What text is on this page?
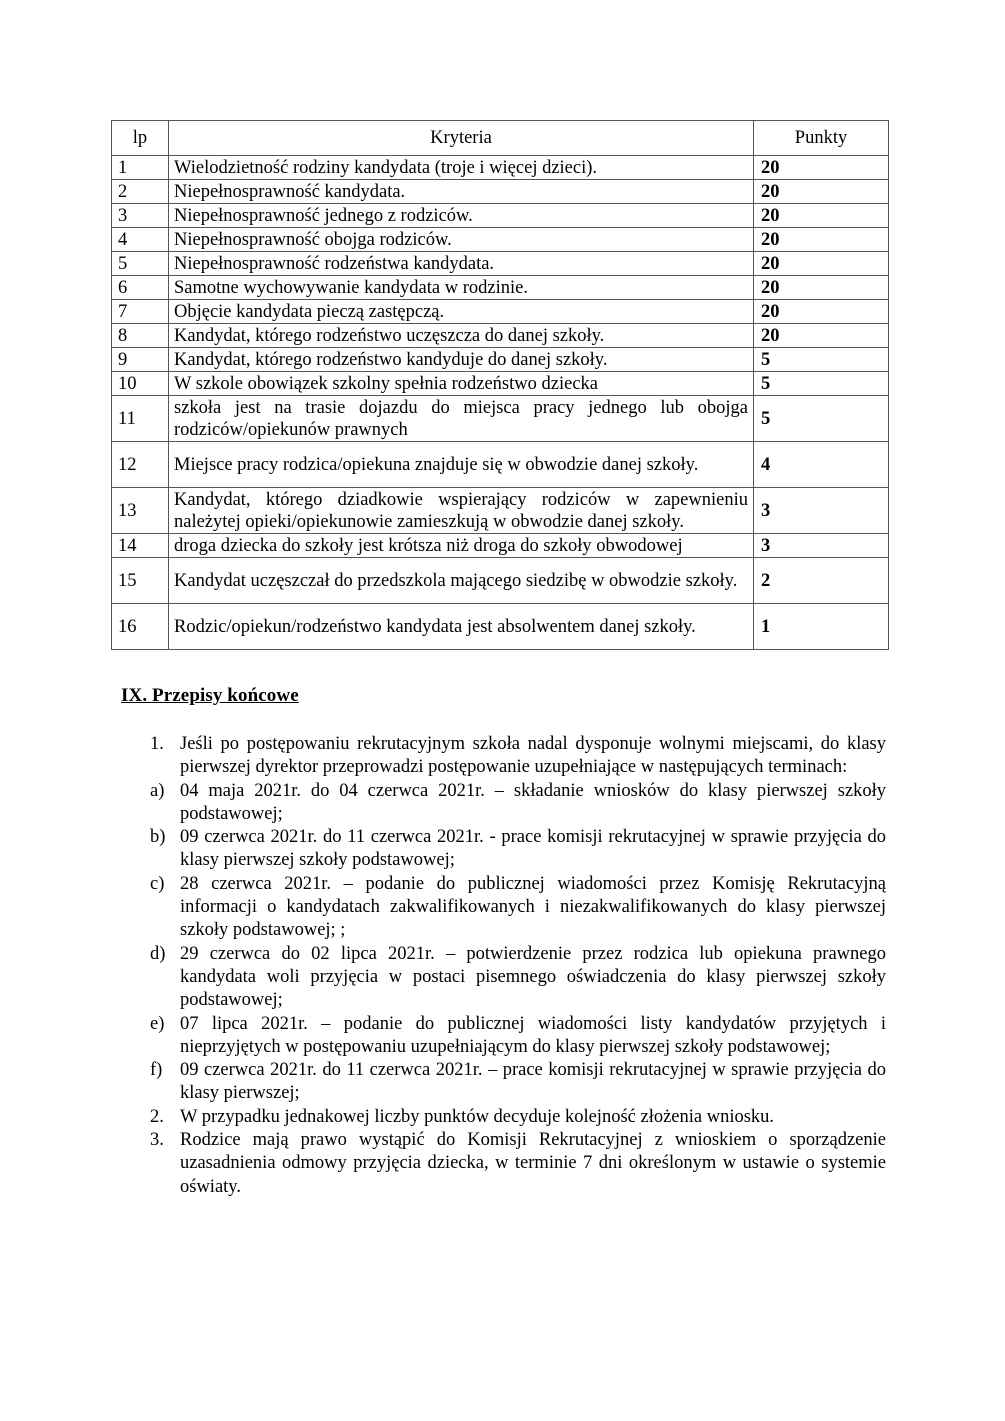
lp	Kryteria	Punkty
1	Wielodzietność rodziny kandydata (troje i więcej dzieci).	20
2	Niepełnosprawność kandydata.	20
3	Niepełnosprawność jednego z rodziców.	20
4	Niepełnosprawność obojga rodziców.	20
5	Niepełnosprawność rodzeństwa kandydata.	20
6	Samotne wychowywanie kandydata w rodzinie.	20
7	Objęcie kandydata pieczą zastępczą.	20
8	Kandydat, którego rodzeństwo uczęszcza do danej szkoły.	20
9	Kandydat, którego rodzeństwo kandyduje do danej szkoły.	5
10	W szkole obowiązek szkolny spełnia rodzeństwo dziecka	5
11	szkoła jest na trasie dojazdu do miejsca pracy jednego lub obojga rodziców/opiekunów prawnych	5
12	Miejsce pracy rodzica/opiekuna znajduje się w obwodzie danej szkoły.	4
13	Kandydat, którego dziadkowie wspierający rodziców w zapewnieniu należytej opieki/opiekunowie zamieszkują w obwodzie danej szkoły.	3
14	droga dziecka do szkoły jest krótsza niż droga do szkoły obwodowej	3
15	Kandydat uczęszczał do przedszkola mającego siedzibę w obwodzie szkoły.	2
16	Rodzic/opiekun/rodzeństwo kandydata jest absolwentem danej szkoły.	1
IX. Przepisy końcowe
1. Jeśli po postępowaniu rekrutacyjnym szkoła nadal dysponuje wolnymi miejscami, do klasy pierwszej dyrektor przeprowadzi postępowanie uzupełniające w następujących terminach:
a) 04 maja 2021r. do 04 czerwca 2021r. – składanie wniosków do klasy pierwszej szkoły podstawowej;
b) 09 czerwca 2021r. do 11 czerwca 2021r. - prace komisji rekrutacyjnej w sprawie przyjęcia do klasy pierwszej szkoły podstawowej;
c) 28 czerwca 2021r. – podanie do publicznej wiadomości przez Komisję Rekrutacyjną informacji o kandydatach zakwalifikowanych i niezakwalifikowanych do klasy pierwszej szkoły podstawowej; ;
d) 29 czerwca do 02 lipca 2021r. – potwierdzenie przez rodzica lub opiekuna prawnego kandydata woli przyjęcia w postaci pisemnego oświadczenia do klasy pierwszej szkoły podstawowej;
e) 07 lipca 2021r. – podanie do publicznej wiadomości listy kandydatów przyjętych i nieprzyjętych w postępowaniu uzupełniającym do klasy pierwszej szkoły podstawowej;
f) 09 czerwca 2021r. do 11 czerwca 2021r. – prace komisji rekrutacyjnej w sprawie przyjęcia do klasy pierwszej;
2. W przypadku jednakowej liczby punktów decyduje kolejność złożenia wniosku.
3. Rodzice mają prawo wystąpić do Komisji Rekrutacyjnej z wnioskiem o sporządzenie uzasadnienia odmowy przyjęcia dziecka, w terminie 7 dni określonym w ustawie o systemie oświaty.
